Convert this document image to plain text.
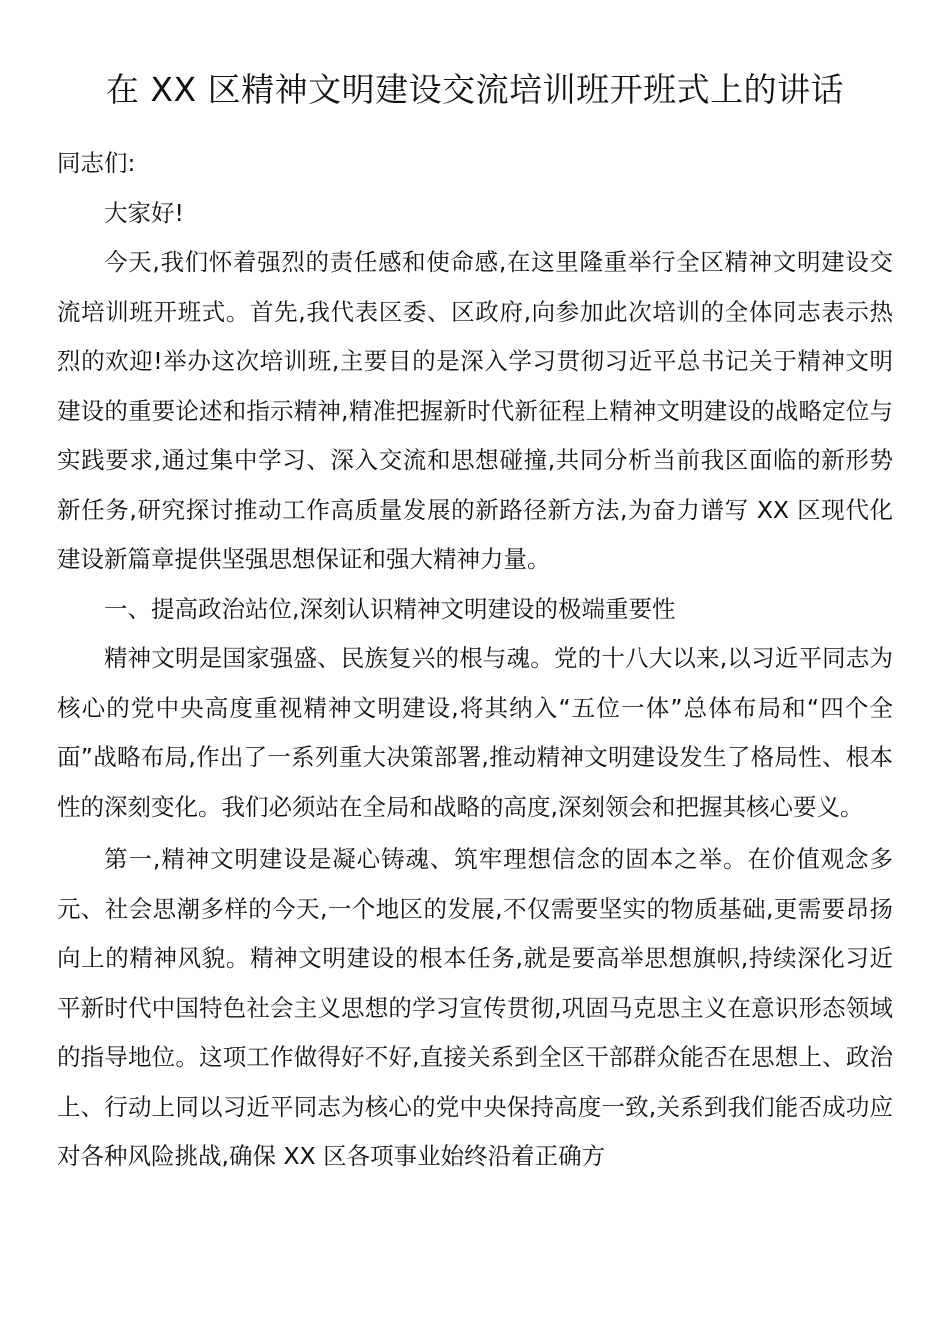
在 XX 区精神文明建设交流培训班开班式上的讲话

同志们:

大家好!

今天,我们怀着强烈的责任感和使命感,在这里隆重举行全区精神文明建设交流培训班开班式。首先,我代表区委、区政府,向参加此次培训的全体同志表示热烈的欢迎!举办这次培训班,主要目的是深入学习贯彻习近平总书记关于精神文明建设的重要论述和指示精神,精准把握新时代新征程上精神文明建设的战略定位与实践要求,通过集中学习、深入交流和思想碰撞,共同分析当前我区面临的新形势新任务,研究探讨推动工作高质量发展的新路径新方法,为奋力谱写 XX 区现代化建设新篇章提供坚强思想保证和强大精神力量。

一、提高政治站位,深刻认识精神文明建设的极端重要性

精神文明是国家强盛、民族复兴的根与魂。党的十八大以来,以习近平同志为核心的党中央高度重视精神文明建设,将其纳入“五位一体”总体布局和“四个全面”战略布局,作出了一系列重大决策部署,推动精神文明建设发生了格局性、根本性的深刻变化。我们必须站在全局和战略的高度,深刻领会和把握其核心要义。

第一,精神文明建设是凝心铸魂、筑牢理想信念的固本之举。在价值观念多元、社会思潮多样的今天,一个地区的发展,不仅需要坚实的物质基础,更需要昂扬向上的精神风貌。精神文明建设的根本任务,就是要高举思想旗帜,持续深化习近平新时代中国特色社会主义思想的学习宣传贯彻,巩固马克思主义在意识形态领域的指导地位。这项工作做得好不好,直接关系到全区干部群众能否在思想上、政治上、行动上同以习近平同志为核心的党中央保持高度一致,关系到我们能否成功应对各种风险挑战,确保 XX 区各项事业始终沿着正确方
